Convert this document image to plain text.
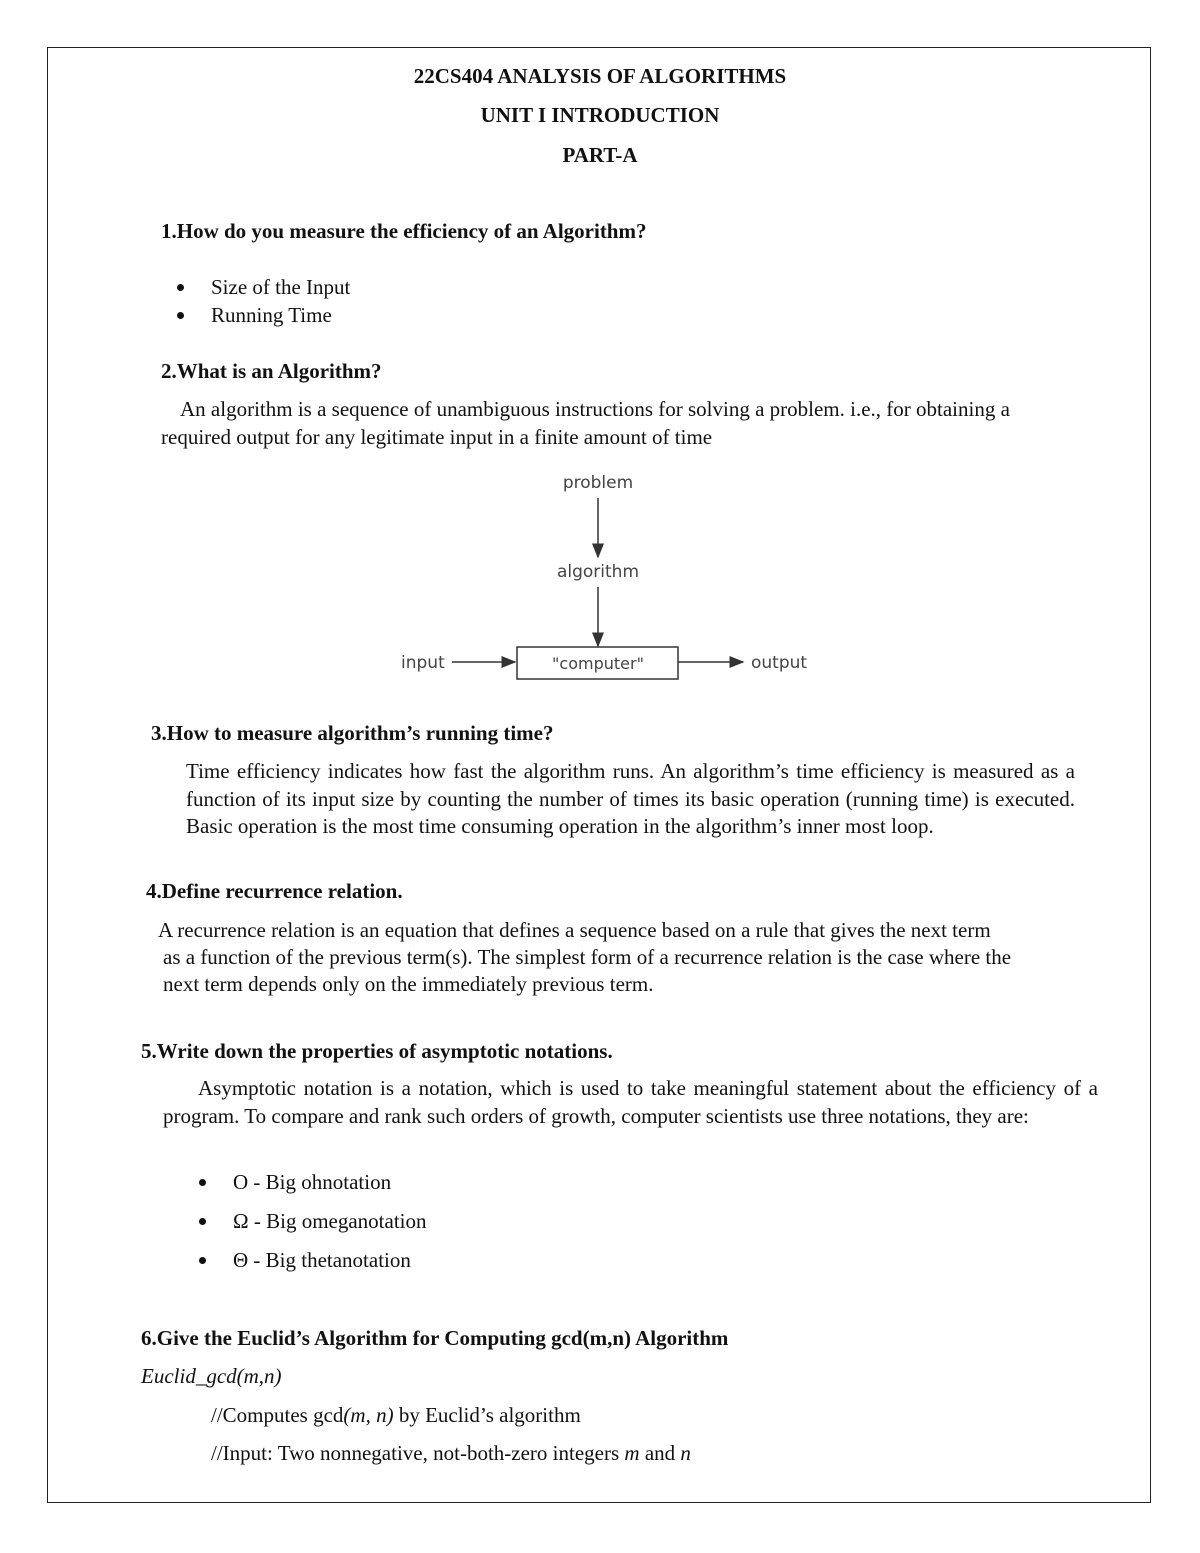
22CS404 ANALYSIS OF ALGORITHMS
UNIT I INTRODUCTION
PART-A
1.How do you measure the efficiency of an Algorithm?
Size of the Input
Running Time
2.What is an Algorithm?
An algorithm is a sequence of unambiguous instructions for solving a problem. i.e., for obtaining a
required output for any legitimate input in a finite amount of time
problem
algorithm
"computer"
input	output
3.How to measure algorithm’s running time?
Time efficiency indicates how fast the algorithm runs. An algorithm’s time efficiency is measured as a function of its input size by counting the number of times its basic operation (running time) is executed. Basic operation is the most time consuming operation in the algorithm’s inner most loop.
4.Define recurrence relation.
A recurrence relation is an equation that defines a sequence based on a rule that gives the next term
as a function of the previous term(s). The simplest form of a recurrence relation is the case where the
next term depends only on the immediately previous term.
5.Write down the properties of asymptotic notations.
Asymptotic notation is a notation, which is used to take meaningful statement about the efficiency of a program. To compare and rank such orders of growth, computer scientists use three notations, they are:
O - Big ohnotation
Ω - Big omeganotation
Θ - Big thetanotation
6.Give the Euclid’s Algorithm for Computing gcd(m,n) Algorithm
Euclid_gcd(m,n)
//Computes gcd(m, n) by Euclid’s algorithm
//Input: Two nonnegative, not-both-zero integers m and n
